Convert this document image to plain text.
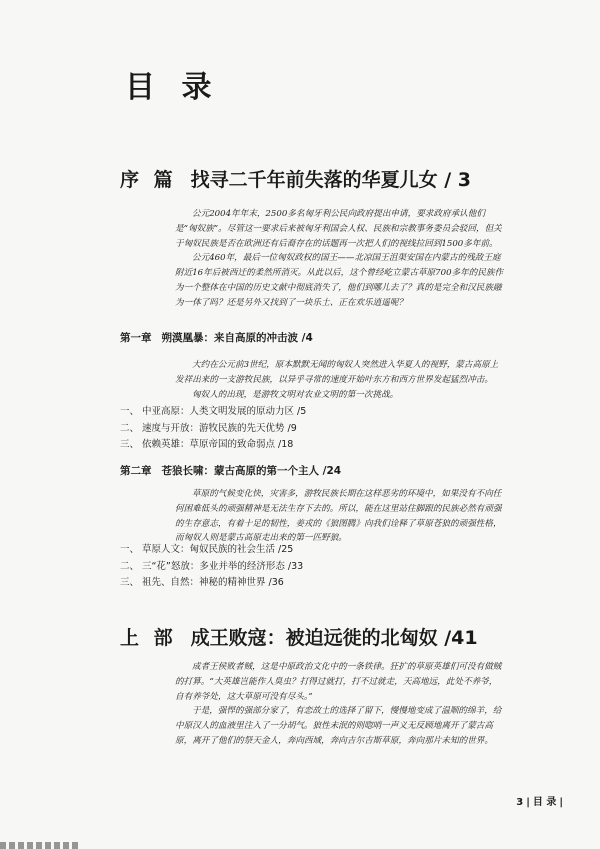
目 录
序 篇 找寻二千年前失落的华夏儿女 / 3

公元2004年年末，2500多名匈牙利公民向政府提出申请，要求政府承认他们是“匈奴族”。尽管这一要求后来被匈牙利国会人权、民族和宗教事务委员会驳回，但关于匈奴民族是否在欧洲还有后裔存在的话题再一次把人们的视线拉回到1500多年前。

公元460年，最后一位匈奴政权的国王——北凉国王沮渠安国在内蒙古的残敌王庭附近16年后被西迁的柔然所消灭。从此以后，这个曾经屹立蒙古草原700多年的民族作为一个整体在中国的历史文献中彻底消失了，他们到哪儿去了？真的是完全和汉民族融为一体了吗？还是另外又找到了一块乐土、正在欢乐逍遥呢？

第一章 朔漠凰暴：来自高原的冲击波 /4

大约在公元前3世纪，原本默默无闻的匈奴人突然进入华夏人的视野，蒙古高原上发祥出来的一支游牧民族，以异乎寻常的速度开始叶东方和西方世界发起猛烈冲击。

匈奴人的出现，是游牧文明对农业文明的第一次挑战。

一、 中亚高原：人类文明发展的原动力区 /5
二、 速度与开放：游牧民族的先天优势 /9
三、 依赖英雄：草原帝国的致命弱点 /18
第二章 苍狼长啸：蒙古高原的第一个主人 /24

草原的气候变化快，灾害多，游牧民族长期在这样恶劣的环境中，如果没有不向任何困难低头的顽强精神是无法生存下去的。所以，能在这里站住脚跟的民族必然有顽强的生存意志，有着十足的韧性，姜戎的《狼图腾》向我们诠释了草原苍狼的顽强性格，而匈奴人则是蒙古高原走出来的第一匹野狼。

一、 草原人文：匈奴民族的社会生活 /25
二、 三“花”怒放：多业并举的经济形态 /33
三、 祖先、自然：神秘的精神世界 /36
上 部 成王败寇：被迫远徙的北匈奴 /41

成者王侯败者贼，这是中原政治文化中的一条铁律。狂扩的草原英雄们可没有做贼的打算。“大英雄岂能作人臭虫？打得过就打，打不过就走，天高地远，此处不养爷，自有养爷处，这大草原可没有尽头。”

于是，强悍的强部分家了，有恋故土的选择了留下，慢慢地变成了温顺的绵羊，给中原汉人的血液里注入了一分胡气。狼性未泯的则唿哨一声义无反顾地离开了蒙古高原，离开了他们的祭天金人，奔向西域，奔向吉尔吉斯草原，奔向那片未知的世界。

3 | 目 录 |
